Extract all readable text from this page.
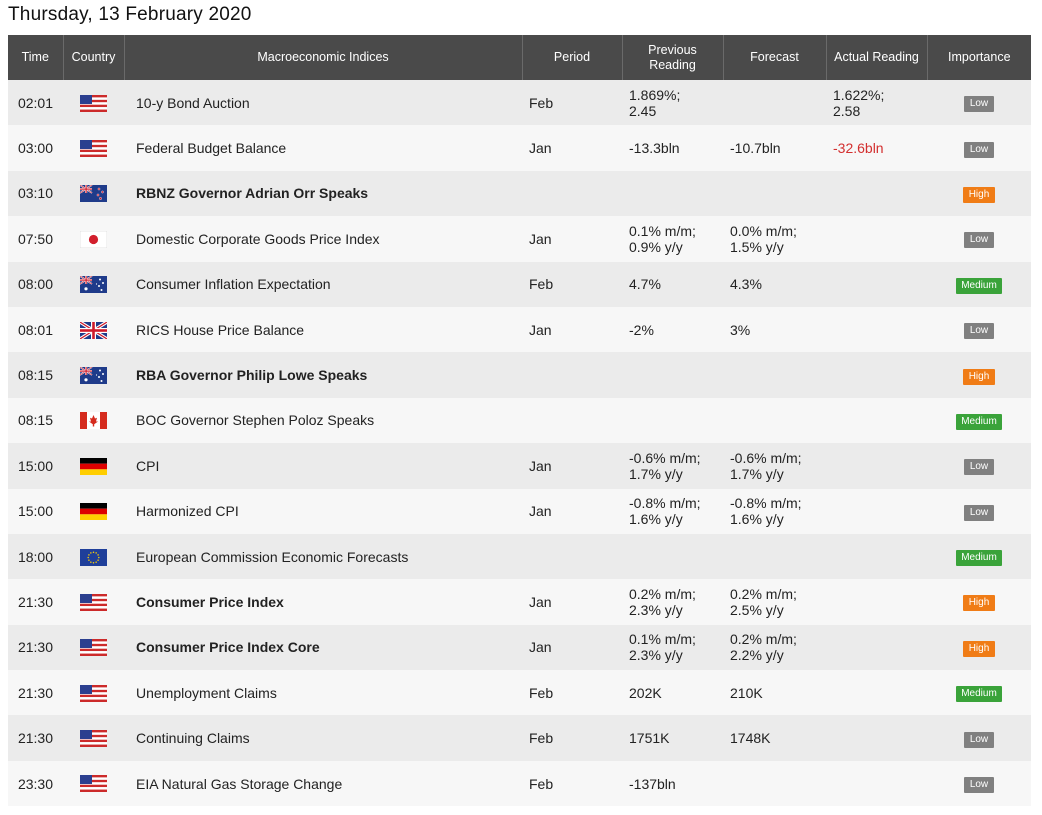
Thursday, 13 February 2020
Time	Country	Macroeconomic Indices	Period	Previous Reading	Forecast	Actual Reading	Importance
02:01		10-y Bond Auction	Feb	1.869%;
2.45		1.622%;
2.58	Low
03:00		Federal Budget Balance	Jan	-13.3bln	-10.7bln	-32.6bln	Low
03:10		RBNZ Governor Adrian Orr Speaks					High
07:50		Domestic Corporate Goods Price Index	Jan	0.1% m/m;
0.9% y/y	0.0% m/m;
1.5% y/y		Low
08:00		Consumer Inflation Expectation	Feb	4.7%	4.3%		Medium
08:01		RICS House Price Balance	Jan	-2%	3%		Low
08:15		RBA Governor Philip Lowe Speaks					High
08:15		BOC Governor Stephen Poloz Speaks					Medium
15:00		CPI	Jan	-0.6% m/m;
1.7% y/y	-0.6% m/m;
1.7% y/y		Low
15:00		Harmonized CPI	Jan	-0.8% m/m;
1.6% y/y	-0.8% m/m;
1.6% y/y		Low
18:00		European Commission Economic Forecasts					Medium
21:30		Consumer Price Index	Jan	0.2% m/m;
2.3% y/y	0.2% m/m;
2.5% y/y		High
21:30		Consumer Price Index Core	Jan	0.1% m/m;
2.3% y/y	0.2% m/m;
2.2% y/y		High
21:30		Unemployment Claims	Feb	202K	210K		Medium
21:30		Continuing Claims	Feb	1751K	1748K		Low
23:30		EIA Natural Gas Storage Change	Feb	-137bln			Low
